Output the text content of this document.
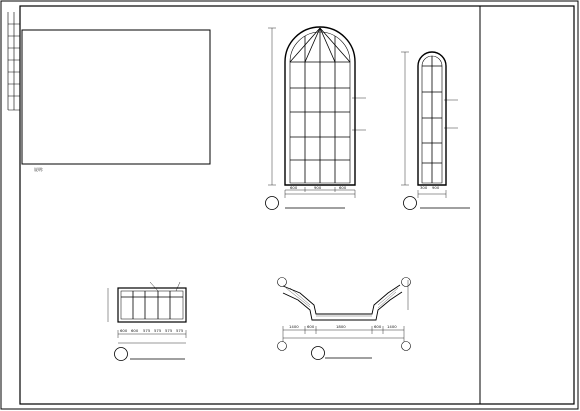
说明:
600	900	600	300 900
600 600 575 575 575 575
1400 600	1800	600 1400
